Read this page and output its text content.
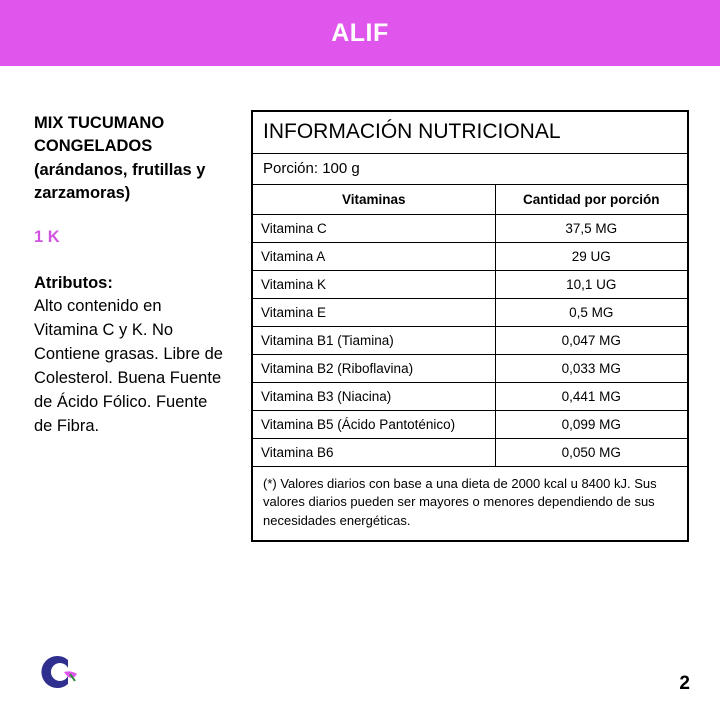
ALIF
MIX TUCUMANO CONGELADOS (arándanos, frutillas y zarzamoras)
1 K
Atributos:
Alto contenido en Vitamina C y K. No Contiene grasas. Libre de Colesterol. Buena Fuente de Ácido Fólico. Fuente de Fibra.
INFORMACIÓN NUTRICIONAL
Porción: 100 g
Vitaminas	Cantidad por porción
Vitamina C	37,5 MG
Vitamina A	29 UG
Vitamina K	10,1 UG
Vitamina E	0,5 MG
Vitamina B1 (Tiamina)	0,047 MG
Vitamina B2 (Riboflavina)	0,033 MG
Vitamina B3 (Niacina)	0,441 MG
Vitamina B5 (Ácido Pantoténico)	0,099 MG
Vitamina B6	0,050 MG
(*) Valores diarios con base a una dieta de 2000 kcal u 8400 kJ. Sus valores diarios pueden ser mayores o menores dependiendo de sus necesidades energéticas.
2
